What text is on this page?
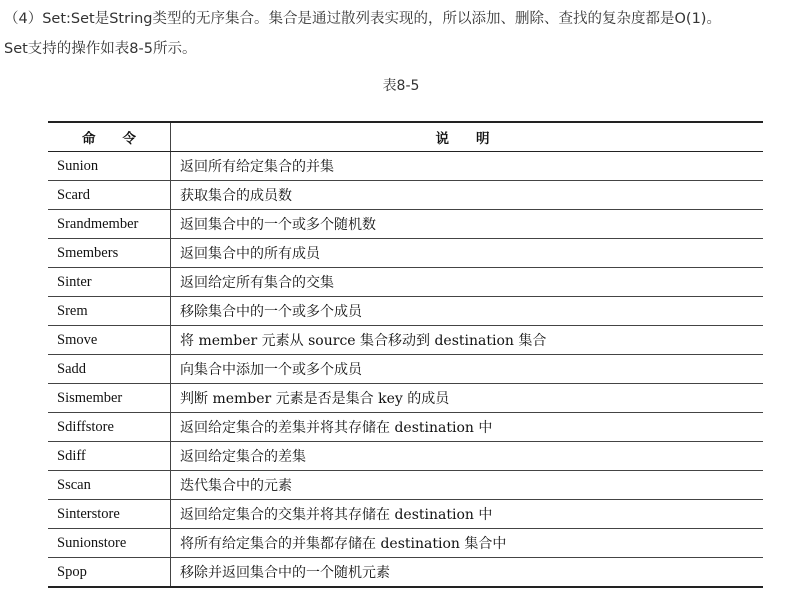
（4）Set:Set是String类型的无序集合。集合是通过散列表实现的，所以添加、删除、查找的复杂度都是O(1)。
Set支持的操作如表8-5所示。

表8-5
命　　令	说　　明
Sunion	返回所有给定集合的并集
Scard	获取集合的成员数
Srandmember	返回集合中的一个或多个随机数
Smembers	返回集合中的所有成员
Sinter	返回给定所有集合的交集
Srem	移除集合中的一个或多个成员
Smove	将 member 元素从 source 集合移动到 destination 集合
Sadd	向集合中添加一个或多个成员
Sismember	判断 member 元素是否是集合 key 的成员
Sdiffstore	返回给定集合的差集并将其存储在 destination 中
Sdiff	返回给定集合的差集
Sscan	迭代集合中的元素
Sinterstore	返回给定集合的交集并将其存储在 destination 中
Sunionstore	将所有给定集合的并集都存储在 destination 集合中
Spop	移除并返回集合中的一个随机元素
